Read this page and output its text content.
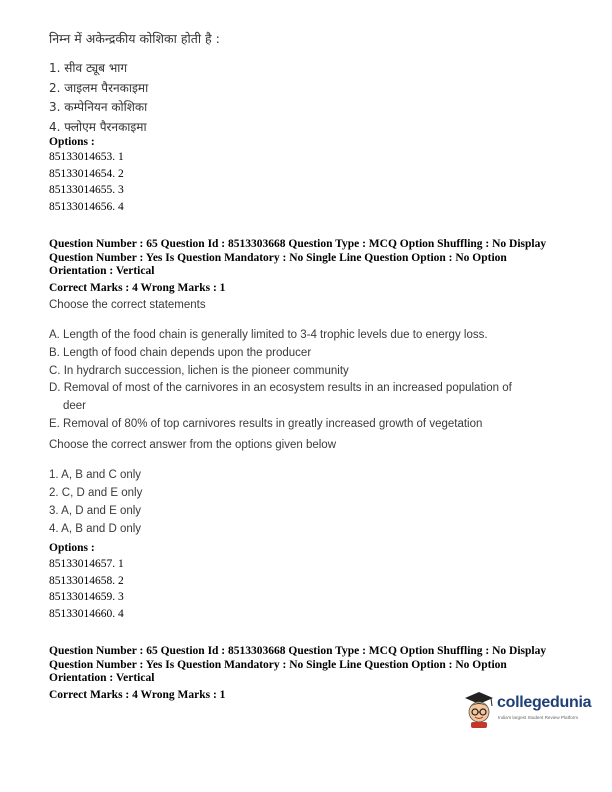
निम्न में अकेन्द्रकीय कोशिका होती है :
1. सीव ट्यूब भाग
2. जाइलम पैरनकाइमा
3. कम्पेनियन कोशिका
4. फ्लोएम पैरनकाइमा
Options :
85133014653. 1
85133014654. 2
85133014655. 3
85133014656. 4
Question Number : 65 Question Id : 8513303668 Question Type : MCQ Option Shuffling : No Display
Question Number : Yes Is Question Mandatory : No Single Line Question Option : No Option
Orientation : Vertical
Correct Marks : 4 Wrong Marks : 1
Choose the correct statements
A. Length of the food chain is generally limited to 3-4 trophic levels due to energy loss.
B. Length of food chain depends upon the producer
C. In hydrarch succession, lichen is the pioneer community
D. Removal of most of the carnivores in an ecosystem results in an increased population of
deer
E. Removal of 80% of top carnivores results in greatly increased growth of vegetation
Choose the correct answer from the options given below
1. A, B and C only
2. C, D and E only
3. A, D and E only
4. A, B and D only
Options :
85133014657. 1
85133014658. 2
85133014659. 3
85133014660. 4
Question Number : 65 Question Id : 8513303668 Question Type : MCQ Option Shuffling : No Display
Question Number : Yes Is Question Mandatory : No Single Line Question Option : No Option
Orientation : Vertical
Correct Marks : 4 Wrong Marks : 1	collegedunia
India's largest Student Review Platform
